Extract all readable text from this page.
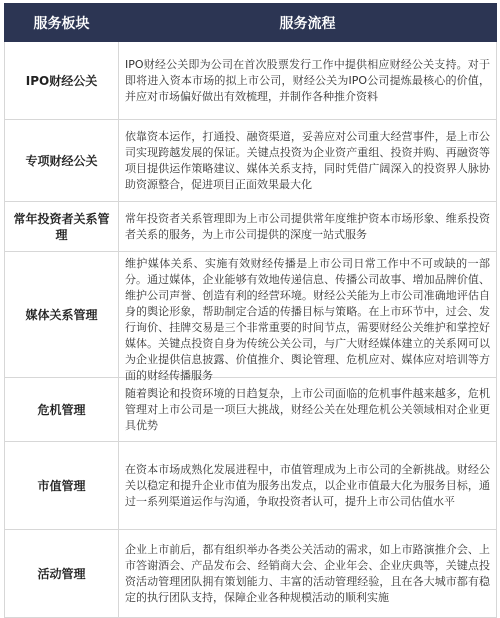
服务板块	服务流程
IPO财经公关	IPO财经公关即为公司在首次股票发行工作中提供相应财经公关支持。对于即将进入资本市场的拟上市公司，财经公关为IPO公司提炼最核心的价值，并应对市场偏好做出有效梳理，并制作各种推介资料
专项财经公关	依靠资本运作，打通投、融资渠道，妥善应对公司重大经营事件，是上市公司实现跨越发展的保证。关键点投资为企业资产重组、投资并购、再融资等项目提供运作策略建议、媒体关系支持，同时凭借广阔深入的投资界人脉协助资源整合，促进项目正面效果最大化
常年投资者关系管理	常年投资者关系管理即为上市公司提供常年度维护资本市场形象、维系投资者关系的服务，为上市公司提供的深度一站式服务
媒体关系管理	维护媒体关系、实施有效财经传播是上市公司日常工作中不可或缺的一部分。通过媒体，企业能够有效地传递信息、传播公司故事、增加品牌价值、维护公司声誉、创造有利的经营环境。财经公关能为上市公司准确地评估自身的舆论形象，帮助制定合适的传播目标与策略。在上市环节中，过会、发行询价、挂牌交易是三个非常重要的时间节点，需要财经公关维护和掌控好媒体。关键点投资自身为传统公关公司，与广大财经媒体建立的关系网可以为企业提供信息披露、价值推介、舆论管理、危机应对、媒体应对培训等方面的财经传播服务

危机管理	随着舆论和投资环境的日趋复杂，上市公司面临的危机事件越来越多，危机管理对上市公司是一项巨大挑战，财经公关在处理危机公关领域相对企业更具优势
市值管理	在资本市场成熟化发展进程中，市值管理成为上市公司的全新挑战。财经公关以稳定和提升企业市值为服务出发点，以企业市值最大化为服务目标，通过一系列渠道运作与沟通，争取投资者认可，提升上市公司估值水平
活动管理	企业上市前后，都有组织举办各类公关活动的需求，如上市路演推介会、上市答谢酒会、产品发布会、经销商大会、企业年会、企业庆典等，关键点投资活动管理团队拥有策划能力、丰富的活动管理经验，且在各大城市都有稳定的执行团队支持，保障企业各种规模活动的顺利实施
